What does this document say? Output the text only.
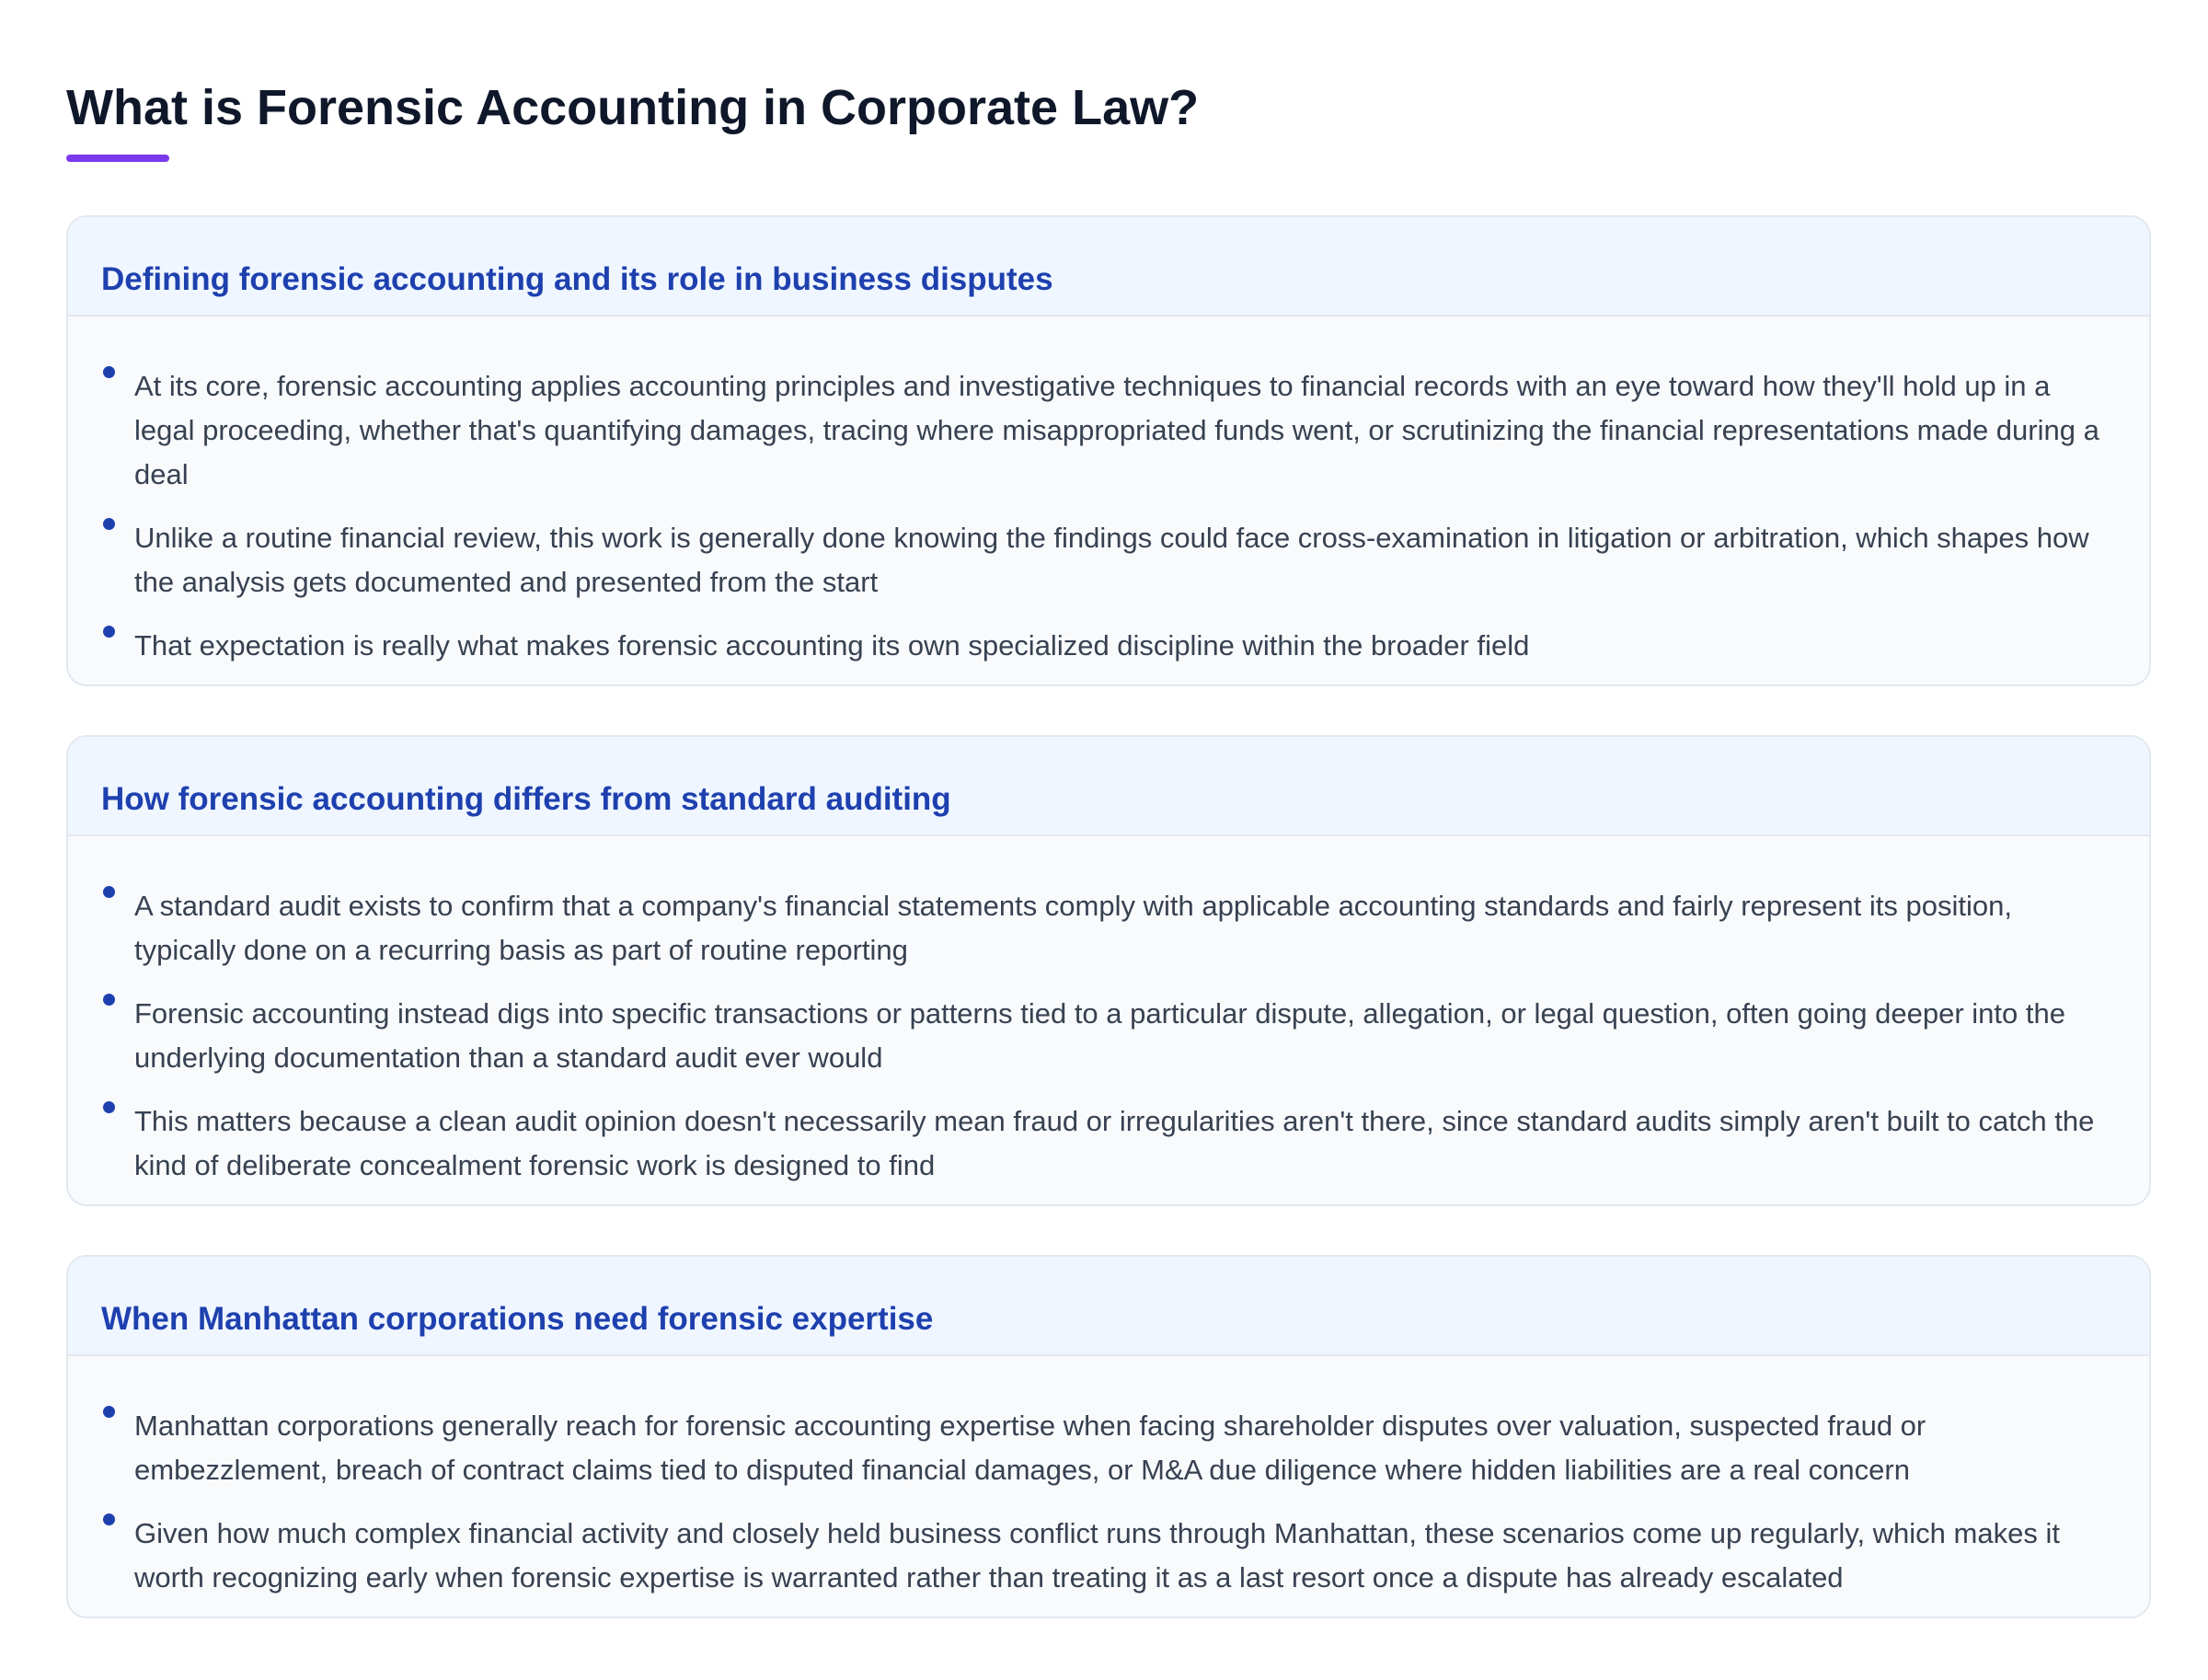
What is Forensic Accounting in Corporate Law?
Defining forensic accounting and its role in business disputes
At its core, forensic accounting applies accounting principles and investigative techniques to financial records with an eye toward how they'll hold up in a legal proceeding, whether that's quantifying damages, tracing where misappropriated funds went, or scrutinizing the financial representations made during a deal
Unlike a routine financial review, this work is generally done knowing the findings could face cross-examination in litigation or arbitration, which shapes how the analysis gets documented and presented from the start
That expectation is really what makes forensic accounting its own specialized discipline within the broader field
How forensic accounting differs from standard auditing
A standard audit exists to confirm that a company's financial statements comply with applicable accounting standards and fairly represent its position, typically done on a recurring basis as part of routine reporting
Forensic accounting instead digs into specific transactions or patterns tied to a particular dispute, allegation, or legal question, often going deeper into the underlying documentation than a standard audit ever would
This matters because a clean audit opinion doesn't necessarily mean fraud or irregularities aren't there, since standard audits simply aren't built to catch the kind of deliberate concealment forensic work is designed to find
When Manhattan corporations need forensic expertise
Manhattan corporations generally reach for forensic accounting expertise when facing shareholder disputes over valuation, suspected fraud or embezzlement, breach of contract claims tied to disputed financial damages, or M&A due diligence where hidden liabilities are a real concern
Given how much complex financial activity and closely held business conflict runs through Manhattan, these scenarios come up regularly, which makes it worth recognizing early when forensic expertise is warranted rather than treating it as a last resort once a dispute has already escalated
